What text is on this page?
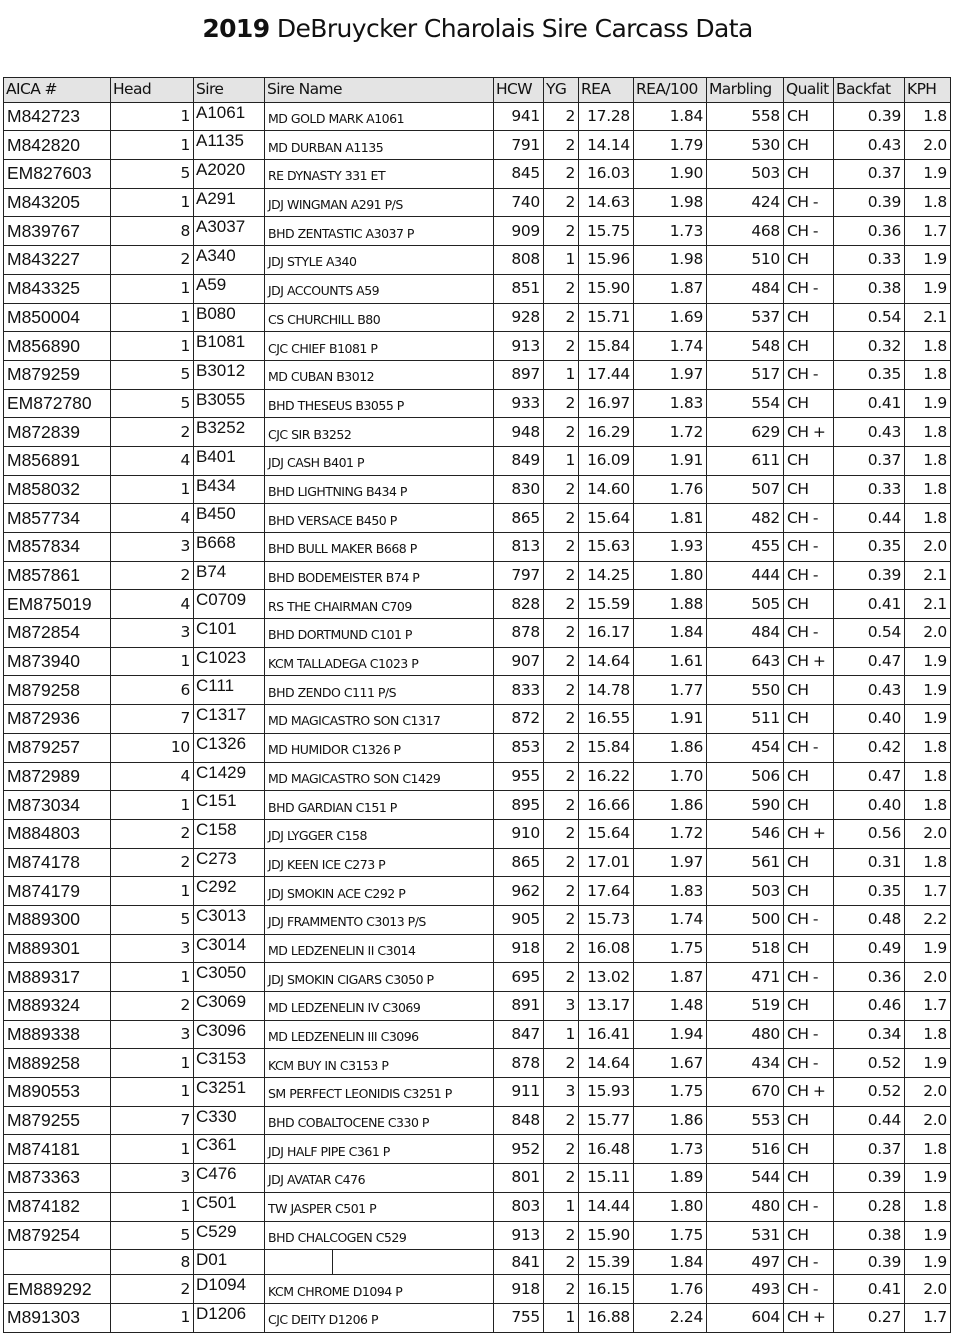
2019 DeBruycker Charolais Sire Carcass Data
AICA #	Head	Sire	Sire Name	HCW	YG	REA	REA/100	Marbling	Qualit	Backfat	KPH
M842723	1	A1061	MD GOLD MARK A1061	941	2	17.28	1.84	558	CH	0.39	1.8
M842820	1	A1135	MD DURBAN A1135	791	2	14.14	1.79	530	CH	0.43	2.0
EM827603	5	A2020	RE DYNASTY 331 ET	845	2	16.03	1.90	503	CH	0.37	1.9
M843205	1	A291	JDJ WINGMAN A291 P/S	740	2	14.63	1.98	424	CH -	0.39	1.8
M839767	8	A3037	BHD ZENTASTIC A3037 P	909	2	15.75	1.73	468	CH -	0.36	1.7
M843227	2	A340	JDJ STYLE A340	808	1	15.96	1.98	510	CH	0.33	1.9
M843325	1	A59	JDJ ACCOUNTS A59	851	2	15.90	1.87	484	CH -	0.38	1.9
M850004	1	B080	CS CHURCHILL B80	928	2	15.71	1.69	537	CH	0.54	2.1
M856890	1	B1081	CJC CHIEF B1081 P	913	2	15.84	1.74	548	CH	0.32	1.8
M879259	5	B3012	MD CUBAN B3012	897	1	17.44	1.97	517	CH -	0.35	1.8
EM872780	5	B3055	BHD THESEUS B3055 P	933	2	16.97	1.83	554	CH	0.41	1.9
M872839	2	B3252	CJC SIR B3252	948	2	16.29	1.72	629	CH +	0.43	1.8
M856891	4	B401	JDJ CASH B401 P	849	1	16.09	1.91	611	CH	0.37	1.8
M858032	1	B434	BHD LIGHTNING B434 P	830	2	14.60	1.76	507	CH	0.33	1.8
M857734	4	B450	BHD VERSACE B450 P	865	2	15.64	1.81	482	CH -	0.44	1.8
M857834	3	B668	BHD BULL MAKER B668 P	813	2	15.63	1.93	455	CH -	0.35	2.0
M857861	2	B74	BHD BODEMEISTER B74 P	797	2	14.25	1.80	444	CH -	0.39	2.1
EM875019	4	C0709	RS THE CHAIRMAN C709	828	2	15.59	1.88	505	CH	0.41	2.1
M872854	3	C101	BHD DORTMUND C101 P	878	2	16.17	1.84	484	CH -	0.54	2.0
M873940	1	C1023	KCM TALLADEGA C1023 P	907	2	14.64	1.61	643	CH +	0.47	1.9
M879258	6	C111	BHD ZENDO C111 P/S	833	2	14.78	1.77	550	CH	0.43	1.9
M872936	7	C1317	MD MAGICASTRO SON C1317	872	2	16.55	1.91	511	CH	0.40	1.9
M879257	10	C1326	MD HUMIDOR C1326 P	853	2	15.84	1.86	454	CH -	0.42	1.8
M872989	4	C1429	MD MAGICASTRO SON C1429	955	2	16.22	1.70	506	CH	0.47	1.8
M873034	1	C151	BHD GARDIAN C151 P	895	2	16.66	1.86	590	CH	0.40	1.8
M884803	2	C158	JDJ LYGGER C158	910	2	15.64	1.72	546	CH +	0.56	2.0
M874178	2	C273	JDJ KEEN ICE C273 P	865	2	17.01	1.97	561	CH	0.31	1.8
M874179	1	C292	JDJ SMOKIN ACE C292 P	962	2	17.64	1.83	503	CH	0.35	1.7
M889300	5	C3013	JDJ FRAMMENTO C3013 P/S	905	2	15.73	1.74	500	CH -	0.48	2.2
M889301	3	C3014	MD LEDZENELIN II C3014	918	2	16.08	1.75	518	CH	0.49	1.9
M889317	1	C3050	JDJ SMOKIN CIGARS C3050 P	695	2	13.02	1.87	471	CH -	0.36	2.0
M889324	2	C3069	MD LEDZENELIN IV C3069	891	3	13.17	1.48	519	CH	0.46	1.7
M889338	3	C3096	MD LEDZENELIN III C3096	847	1	16.41	1.94	480	CH -	0.34	1.8
M889258	1	C3153	KCM BUY IN C3153 P	878	2	14.64	1.67	434	CH -	0.52	1.9
M890553	1	C3251	SM PERFECT LEONIDIS C3251 P	911	3	15.93	1.75	670	CH +	0.52	2.0
M879255	7	C330	BHD COBALTOCENE C330 P	848	2	15.77	1.86	553	CH	0.44	2.0
M874181	1	C361	JDJ HALF PIPE C361 P	952	2	16.48	1.73	516	CH	0.37	1.8
M873363	3	C476	JDJ AVATAR C476	801	2	15.11	1.89	544	CH	0.39	1.9
M874182	1	C501	TW JASPER C501 P	803	1	14.44	1.80	480	CH -	0.28	1.8
M879254	5	C529	BHD CHALCOGEN C529	913	2	15.90	1.75	531	CH	0.38	1.9
	8	D01		841	2	15.39	1.84	497	CH -	0.39	1.9
EM889292	2	D1094	KCM CHROME D1094 P	918	2	16.15	1.76	493	CH -	0.41	2.0
M891303	1	D1206	CJC DEITY D1206 P	755	1	16.88	2.24	604	CH +	0.27	1.7
